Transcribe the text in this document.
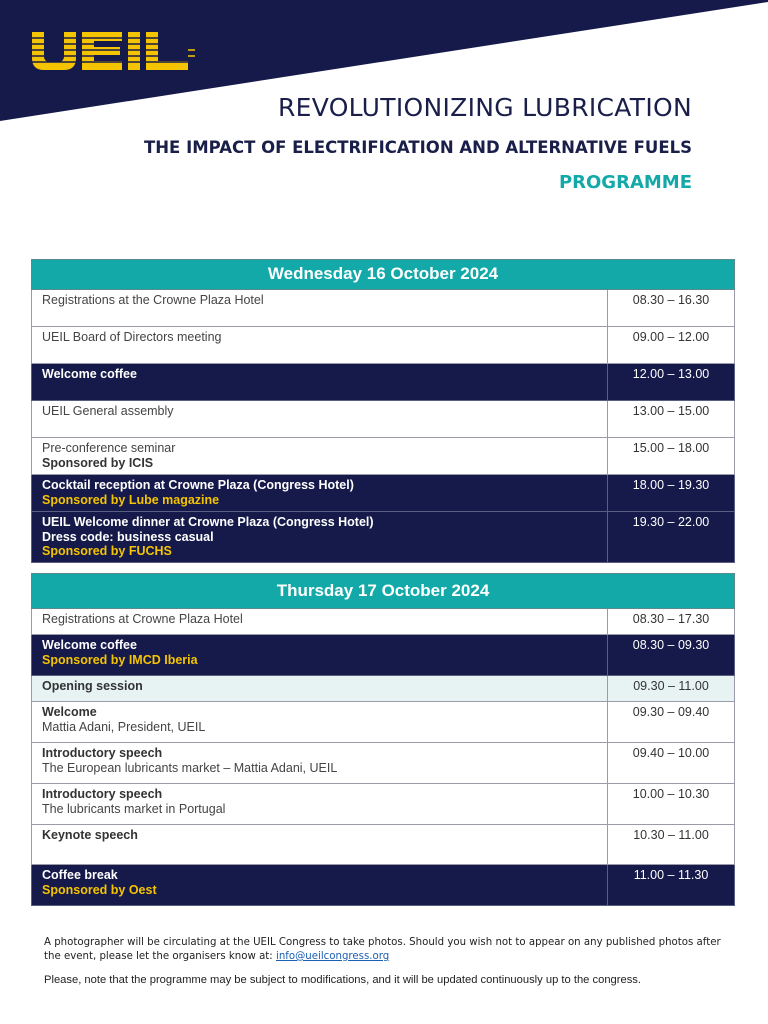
REVOLUTIONIZING LUBRICATION
THE IMPACT OF ELECTRIFICATION AND ALTERNATIVE FUELS
PROGRAMME
Wednesday 16 October 2024	

Registrations at the Crowne Plaza Hotel	08.30 – 16.30

UEIL Board of Directors meeting	09.00 – 12.00

Welcome coffee	12.00 – 13.00

UEIL General assembly	13.00 – 15.00

Pre-conference seminar
Sponsored by ICIS	15.00 – 18.00

Cocktail reception at Crowne Plaza (Congress Hotel)
Sponsored by Lube magazine	18.00 – 19.30

UEIL Welcome dinner at Crowne Plaza (Congress Hotel)
Dress code: business casual
Sponsored by FUCHS	19.30 – 22.00
Thursday 17 October 2024	

Registrations at Crowne Plaza Hotel	08.30 – 17.30

Welcome coffee
Sponsored by IMCD Iberia	08.30 – 09.30

Opening session	09.30 – 11.00

Welcome
Mattia Adani, President, UEIL	09.30 – 09.40

Introductory speech
The European lubricants market – Mattia Adani, UEIL	09.40 – 10.00

Introductory speech
The lubricants market in Portugal	10.00 – 10.30

Keynote speech	10.30 – 11.00

Coffee break
Sponsored by Oest	11.00 – 11.30
A photographer will be circulating at the UEIL Congress to take photos. Should you wish not to appear on any published photos after the event, please let the organisers know at: info@ueilcongress.org
Please, note that the programme may be subject to modifications, and it will be updated continuously up to the congress.
